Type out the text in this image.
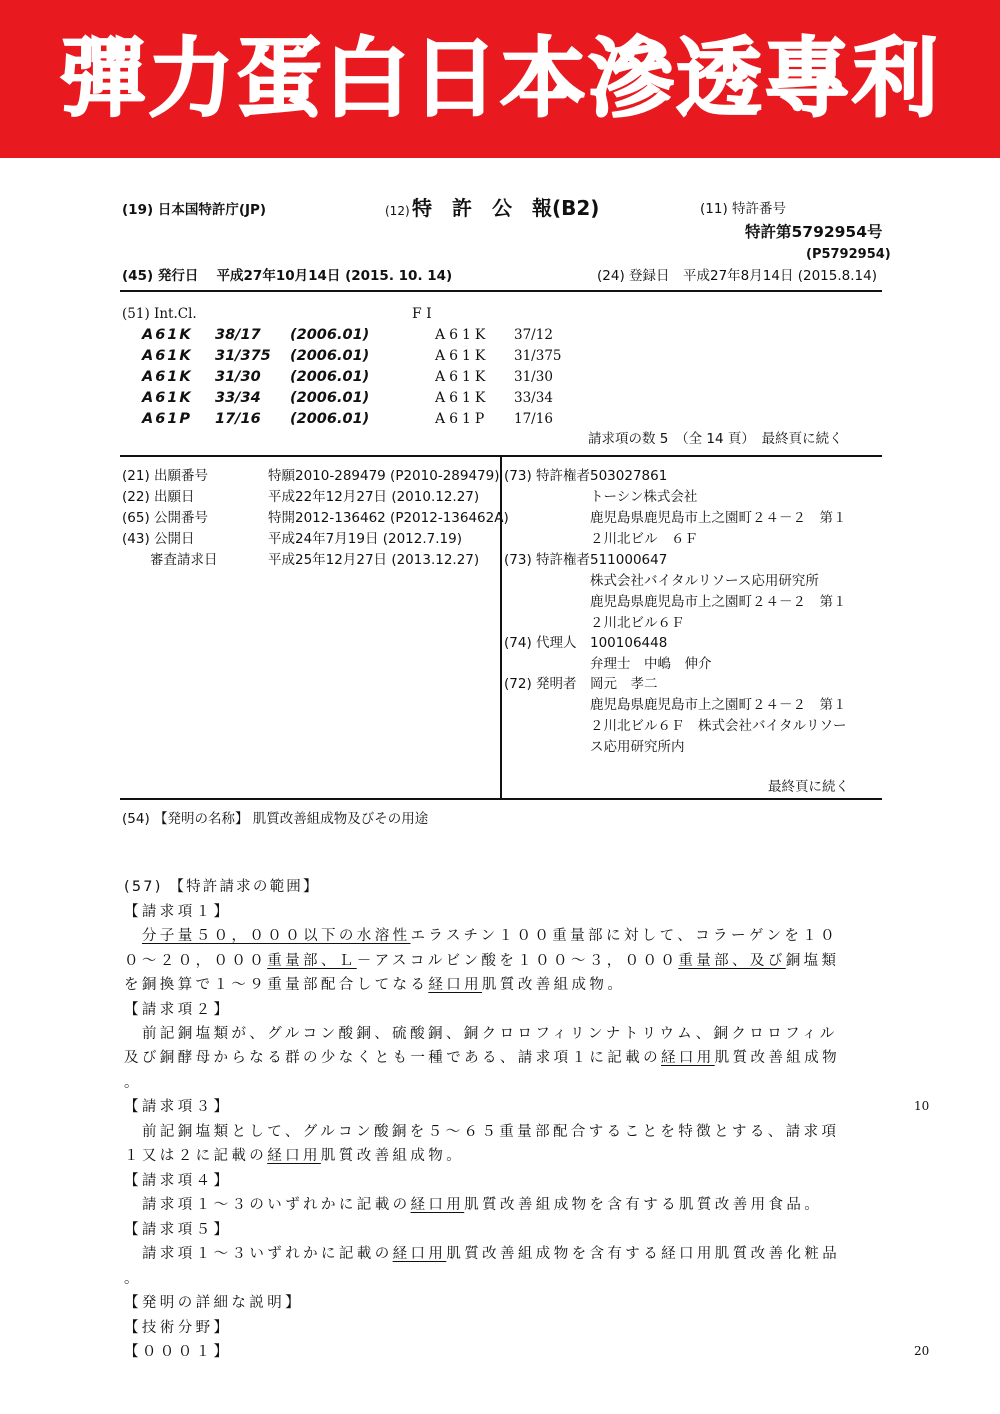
彈力蛋白日本滲透專利
(19) 日本国特許庁(JP)	(12) 特　許　公　報(B2)	(11) 特許番号
特許第5792954号
(P5792954)
(45) 発行日　 平成27年10月14日 (2015. 10. 14)	(24) 登録日　平成27年8月14日 (2015.8.14)
(51) Int.Cl.	F I
A61K 38/17 (2006.01)	A61K 37/12
A61K 31/375 (2006.01)	A61K 31/375
A61K 31/30 (2006.01)	A61K 31/30
A61K 33/34 (2006.01)	A61K 33/34
A61P 17/16 (2006.01)	A61P 17/16
請求項の数 5　（全 14 頁）　最終頁に続く
(21) 出願番号	特願2010-289479 (P2010-289479)
(22) 出願日	平成22年12月27日 (2010.12.27)
(65) 公開番号	特開2012-136462 (P2012-136462A)
(43) 公開日	平成24年7月19日 (2012.7.19)
審査請求日	平成25年12月27日 (2013.12.27)
(73) 特許権者 503027861
トーシン株式会社
鹿児島県鹿児島市上之園町２４－２　第１
２川北ビル　６Ｆ
(73) 特許権者 511000647
株式会社バイタルリソース応用研究所
鹿児島県鹿児島市上之園町２４－２　第１
２川北ビル６Ｆ
(74) 代理人 100106448
弁理士　中嶋　伸介
(72) 発明者 岡元　孝二
鹿児島県鹿児島市上之園町２４－２　第１
２川北ビル６Ｆ　株式会社バイタルリソー
ス応用研究所内
最終頁に続く
(54) 【発明の名称】 肌質改善組成物及びその用途
(57) 【特許請求の範囲】
【請求項１】
分子量５０，０００以下の水溶性エラスチン１００重量部に対して、コラーゲンを１０
０～２０，０００重量部、Ｌ－アスコルビン酸を１００～３，０００重量部、及び銅塩類
を銅換算で１～９重量部配合してなる経口用肌質改善組成物。
【請求項２】
前記銅塩類が、グルコン酸銅、硫酸銅、銅クロロフィリンナトリウム、銅クロロフィル
及び銅酵母からなる群の少なくとも一種である、請求項１に記載の経口用肌質改善組成物
。
【請求項３】
前記銅塩類として、グルコン酸銅を５～６５重量部配合することを特徴とする、請求項
１又は２に記載の経口用肌質改善組成物。
【請求項４】
請求項１～３のいずれかに記載の経口用肌質改善組成物を含有する肌質改善用食品。
【請求項５】
請求項１～３いずれかに記載の経口用肌質改善組成物を含有する経口用肌質改善化粧品
。
【発明の詳細な説明】
【技術分野】
【０００１】
10
20
